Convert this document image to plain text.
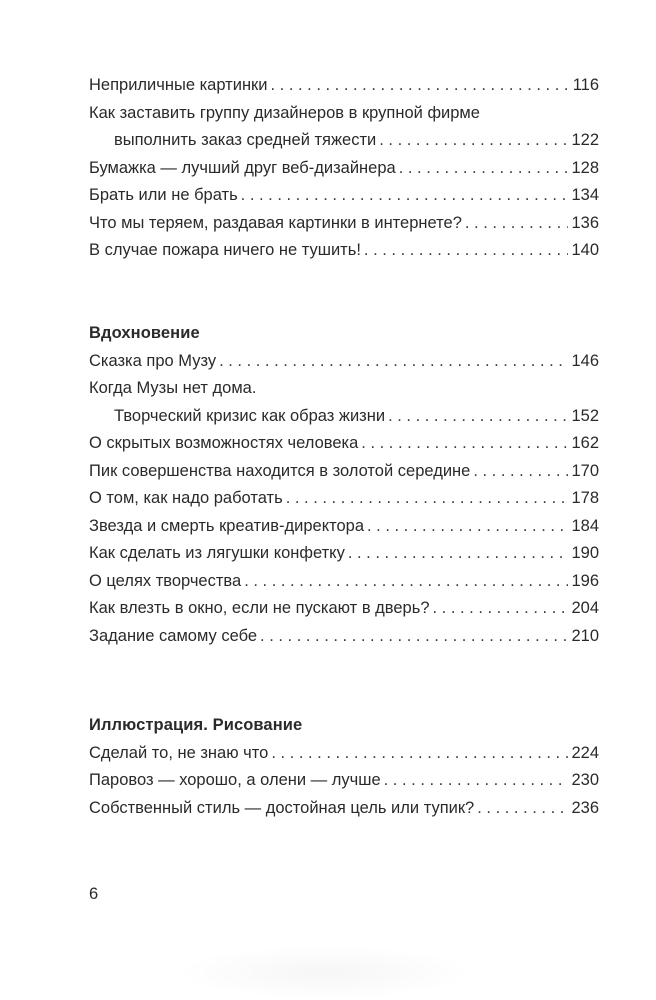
Неприличные картинки . . .	116
Как заставить группу дизайнеров в крупной фирме
выполнить заказ средней тяжести . . .	122
Бумажка — лучший друг веб-дизайнера . . .	128
Брать или не брать . . .	134
Что мы теряем, раздавая картинки в интернете? . . .	136
В случае пожара ничего не тушить! . . .	140
Вдохновение
Сказка про Музу . . .	146
Когда Музы нет дома.
Творческий кризис как образ жизни . . .	152
О скрытых возможностях человека . . .	162
Пик совершенства находится в золотой середине . . .	170
О том, как надо работать . . .	178
Звезда и смерть креатив-директора . . .	184
Как сделать из лягушки конфетку . . .	190
О целях творчества . . .	196
Как влезть в окно, если не пускают в дверь? . . .	204
Задание самому себе . . .	210
Иллюстрация. Рисование
Сделай то, не знаю что . . .	224
Паровоз — хорошо, а олени — лучше . . .	230
Собственный стиль — достойная цель или тупик? . . .	236
6
